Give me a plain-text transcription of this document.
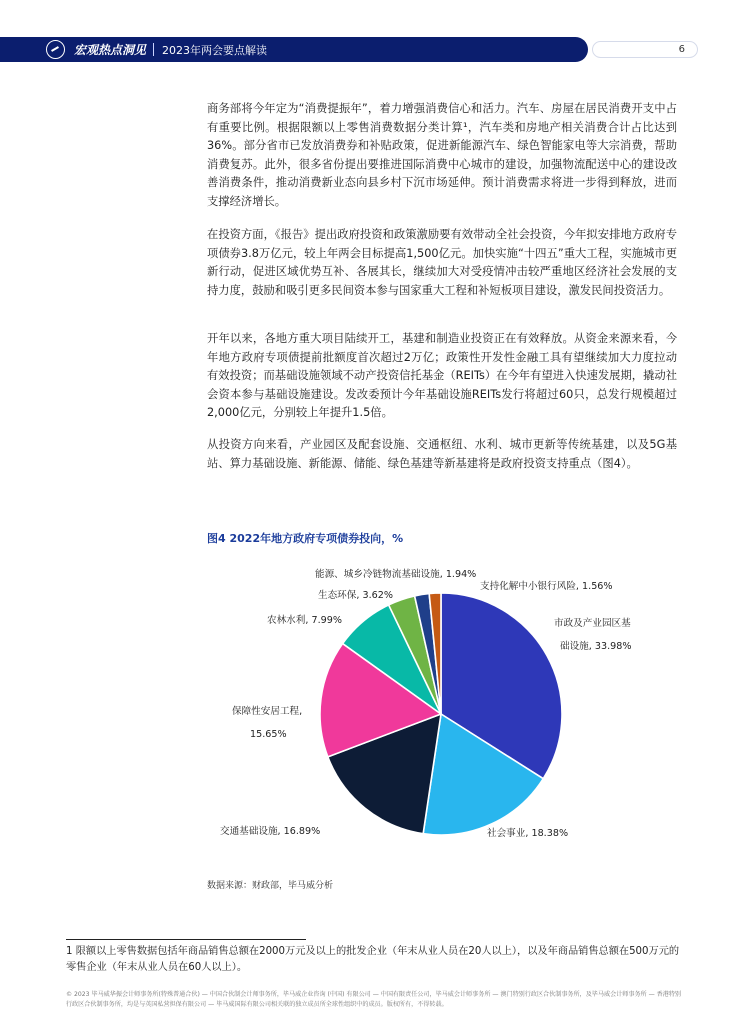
宏观热点洞见 2023年两会要点解读	6

商务部将今年定为“消费提振年”，着力增强消费信心和活力。汽车、房屋在居民消费开支中占有重要比例。根据限额以上零售消费数据分类计算¹，汽车类和房地产相关消费合计占比达到36%。部分省市已发放消费券和补贴政策，促进新能源汽车、绿色智能家电等大宗消费，帮助消费复苏。此外，很多省份提出要推进国际消费中心城市的建设，加强物流配送中心的建设改善消费条件，推动消费新业态向县乡村下沉市场延伸。预计消费需求将进一步得到释放，进而支撑经济增长。

在投资方面，《报告》提出政府投资和政策激励要有效带动全社会投资，今年拟安排地方政府专项债券3.8万亿元，较上年两会目标提高1,500亿元。加快实施“十四五”重大工程，实施城市更新行动，促进区域优势互补、各展其长，继续加大对受疫情冲击较严重地区经济社会发展的支持力度，鼓励和吸引更多民间资本参与国家重大工程和补短板项目建设，激发民间投资活力。

开年以来，各地方重大项目陆续开工，基建和制造业投资正在有效释放。从资金来源来看，今年地方政府专项债提前批额度首次超过2万亿；政策性开发性金融工具有望继续加大力度拉动有效投资；而基础设施领域不动产投资信托基金（REITs）在今年有望进入快速发展期，撬动社会资本参与基础设施建设。发改委预计今年基础设施REITs发行将超过60只，总发行规模超过2,000亿元，分别较上年提升1.5倍。

从投资方向来看，产业园区及配套设施、交通枢纽、水利、城市更新等传统基建，以及5G基站、算力基础设施、新能源、储能、绿色基建等新基建将是政府投资支持重点（图4）。

图4 2022年地方政府专项债券投向，%
市政及产业园区基础设施, 33.98%
社会事业, 18.38%
交通基础设施, 16.89%
保障性安居工程, 15.65%
农林水利, 7.99%
生态环保, 3.62%
能源、城乡冷链物流基础设施, 1.94%
支持化解中小银行风险, 1.56%
数据来源：财政部，毕马威分析

1 限额以上零售数据包括年商品销售总额在2000万元及以上的批发企业（年末从业人员在20人以上），以及年商品销售总额在500万元的零售企业（年末从业人员在60人以上）。

© 2023 毕马威华振会计师事务所(特殊普通合伙) — 中国合伙制会计师事务所，毕马威企业咨询 (中国) 有限公司 — 中国有限责任公司，毕马威会计师事务所 — 澳门特别行政区合伙制事务所，及毕马威会计师事务所 — 香港特别行政区合伙制事务所，均是与英国私营担保有限公司 — 毕马威国际有限公司相关联的独立成员所全球性组织中的成员。版权所有，不得转载。
